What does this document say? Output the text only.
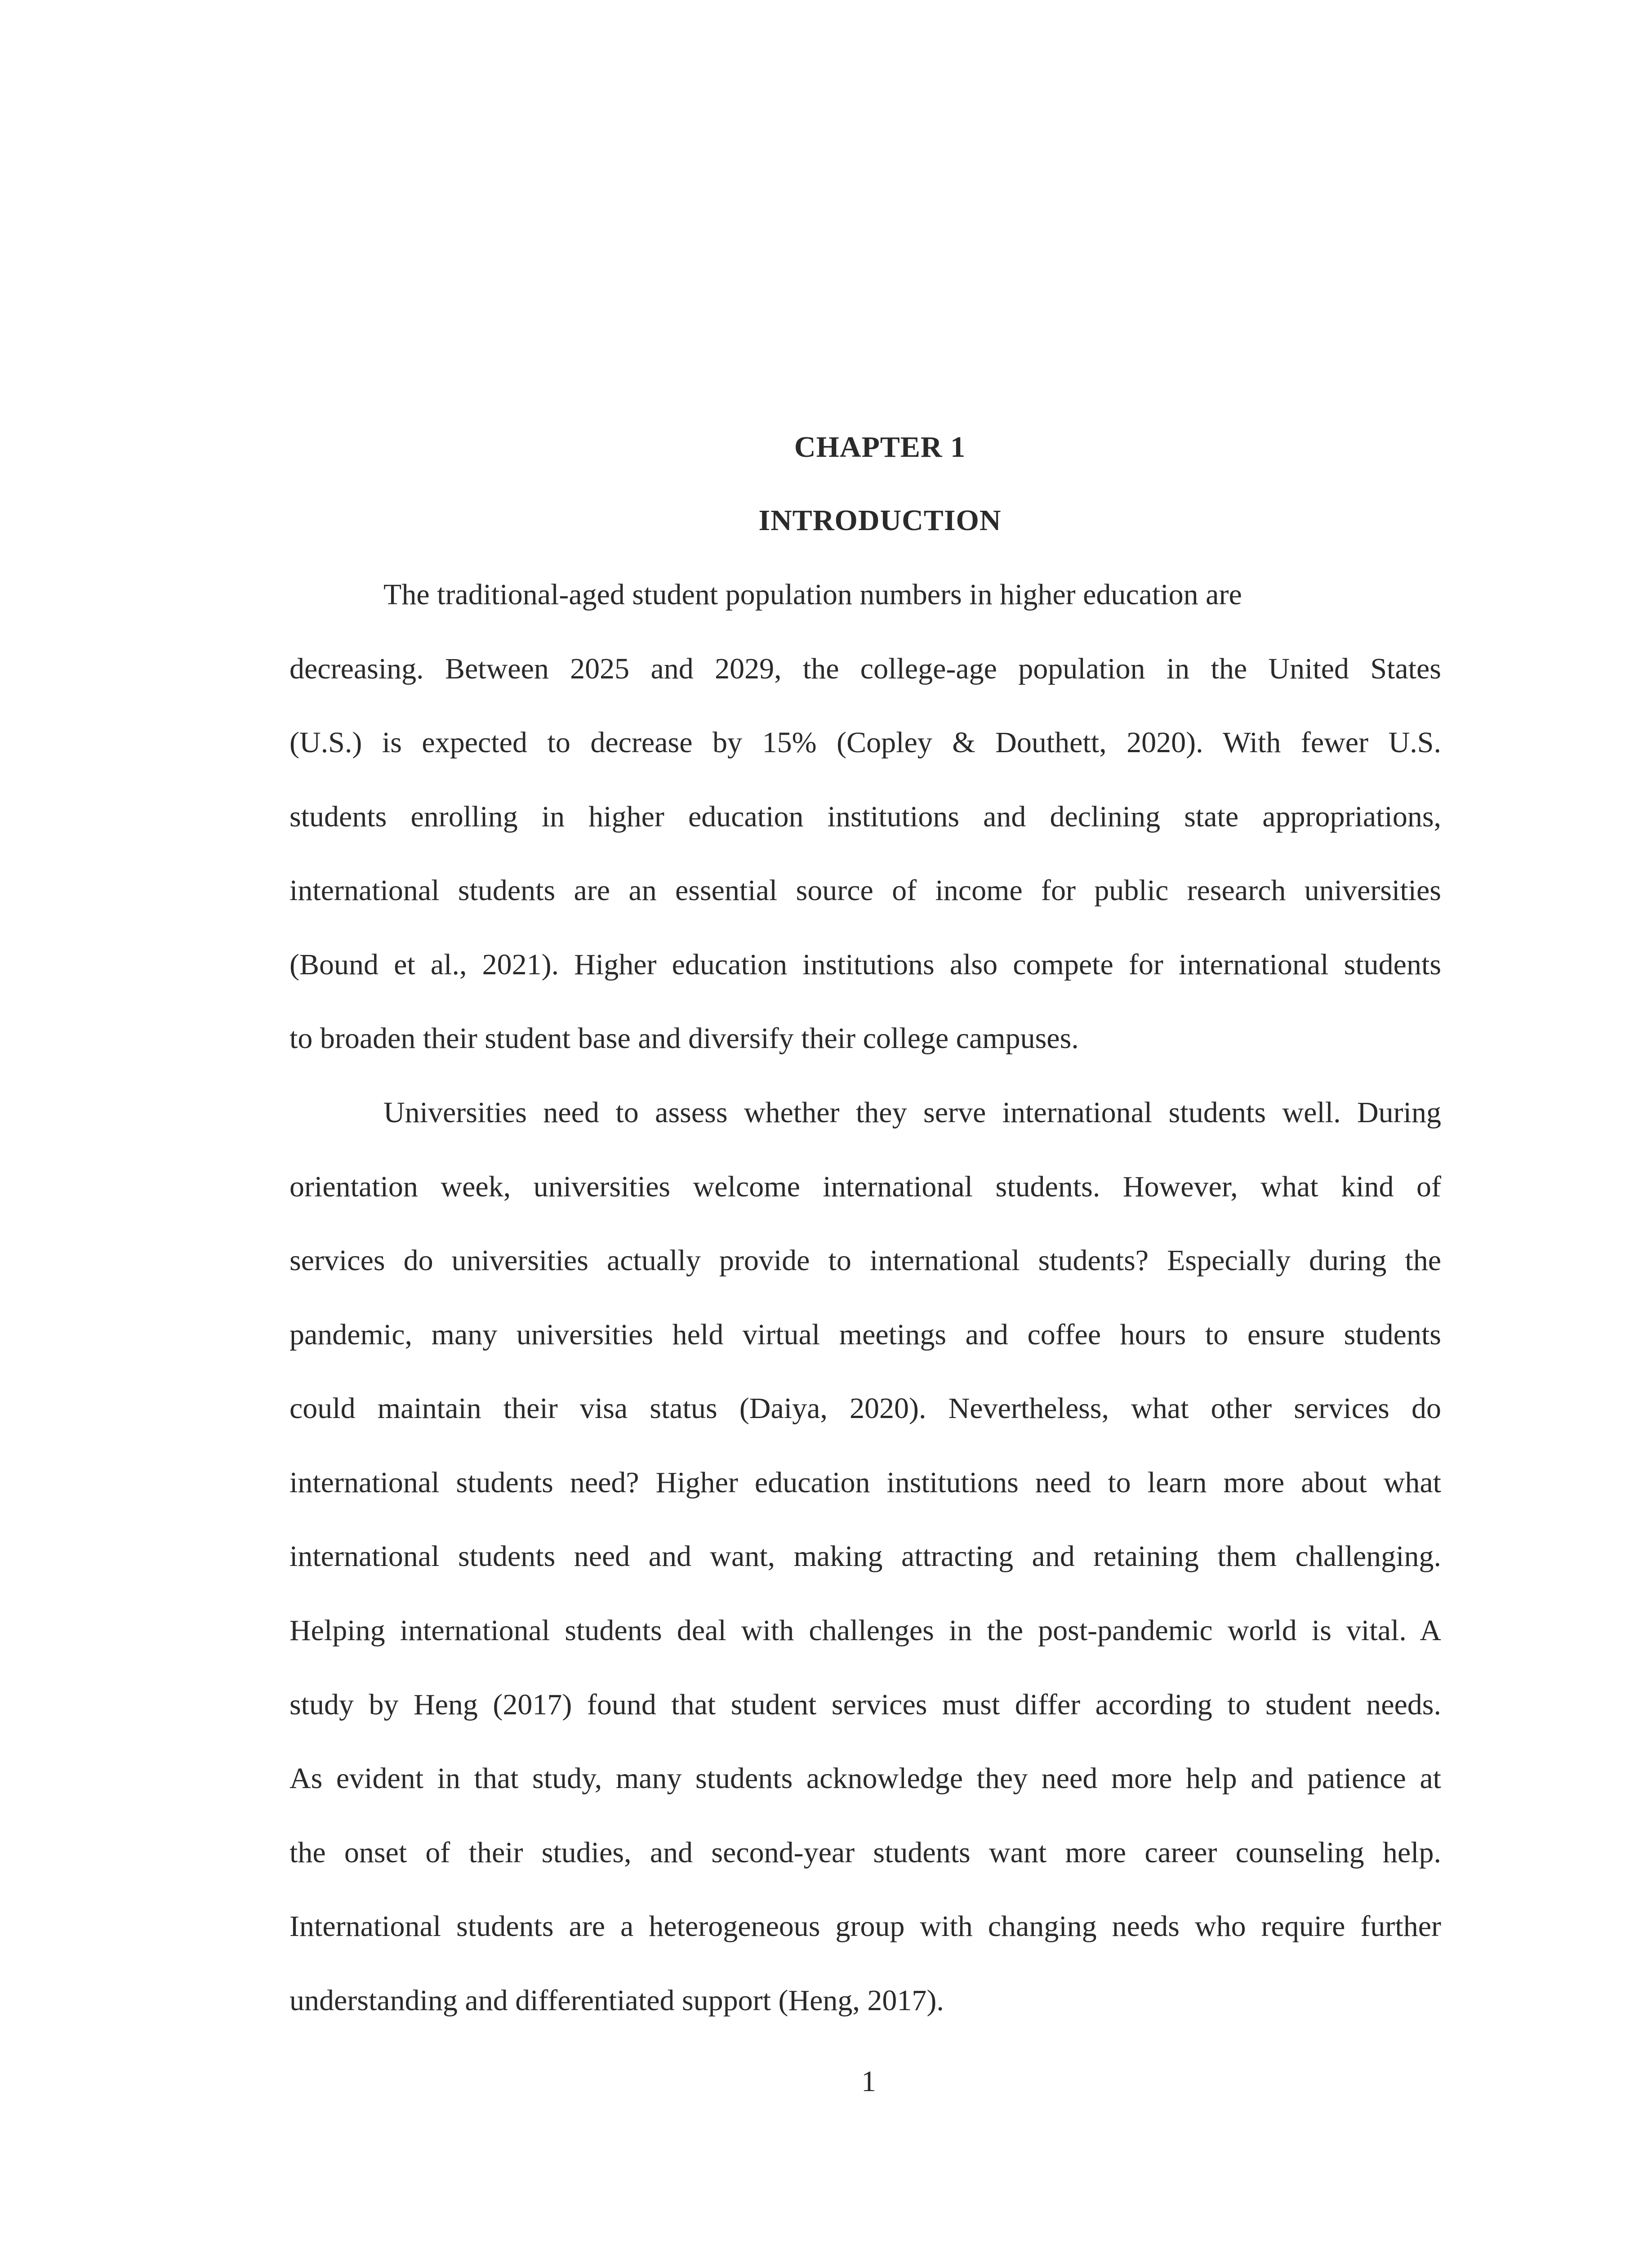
CHAPTER 1
INTRODUCTION
The traditional-aged student population numbers in higher education are
decreasing. Between 2025 and 2029, the college-age population in the United States
(U.S.) is expected to decrease by 15% (Copley & Douthett, 2020). With fewer U.S.
students enrolling in higher education institutions and declining state appropriations,
international students are an essential source of income for public research universities
(Bound et al., 2021). Higher education institutions also compete for international students
to broaden their student base and diversify their college campuses.
Universities need to assess whether they serve international students well. During
orientation week, universities welcome international students. However, what kind of
services do universities actually provide to international students? Especially during the
pandemic, many universities held virtual meetings and coffee hours to ensure students
could maintain their visa status (Daiya, 2020). Nevertheless, what other services do
international students need? Higher education institutions need to learn more about what
international students need and want, making attracting and retaining them challenging.
Helping international students deal with challenges in the post-pandemic world is vital. A
study by Heng (2017) found that student services must differ according to student needs.
As evident in that study, many students acknowledge they need more help and patience at
the onset of their studies, and second-year students want more career counseling help.
International students are a heterogeneous group with changing needs who require further
understanding and differentiated support (Heng, 2017).
1
